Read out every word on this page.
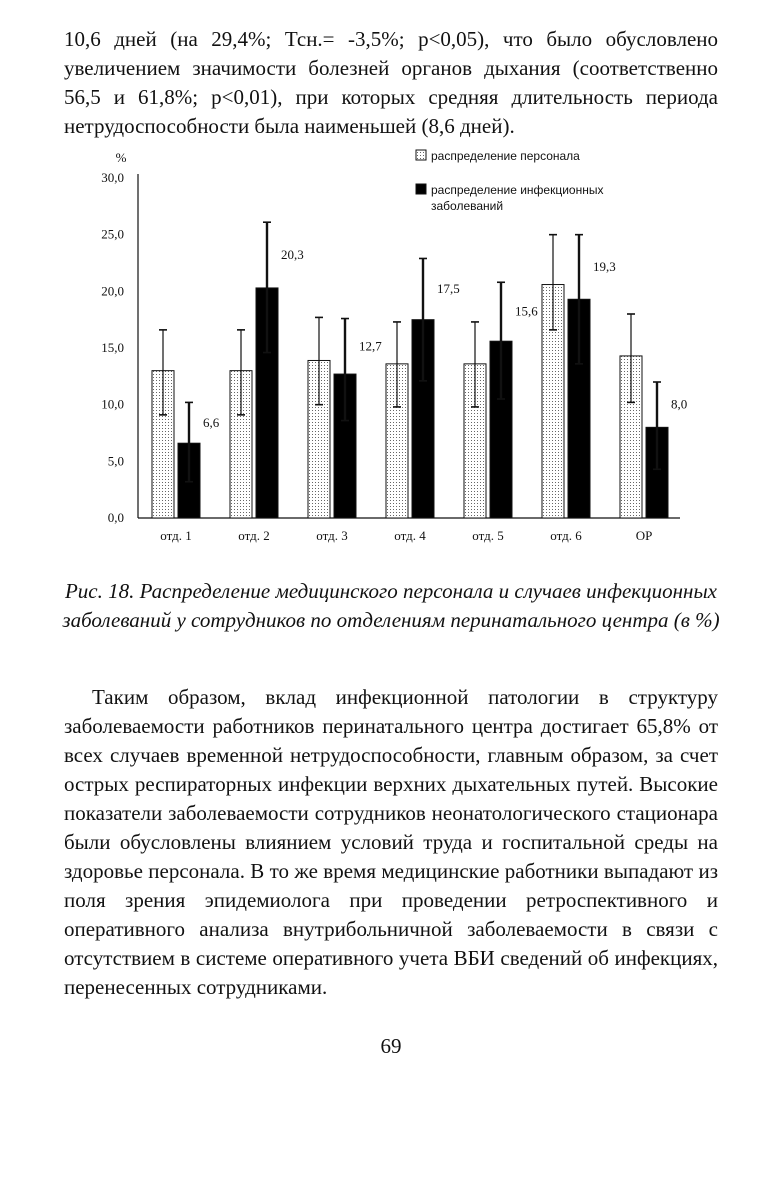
10,6 дней (на 29,4%; Тсн.= -3,5%; p<0,05), что было обусловлено увеличением значимости болезней органов дыхания (соответственно 56,5 и 61,8%; p<0,01), при которых средняя длительность периода нетрудоспособности была наименьшей (8,6 дней).

%
0,0
5,0
10,0
15,0
20,0
25,0
30,0
6,6
отд. 1
20,3
отд. 2
12,7
отд. 3
17,5
отд. 4
15,6
отд. 5
19,3
отд. 6
8,0
ОР
распределение персонала
распределение инфекционных заболеваний

Рис. 18. Распределение медицинского персонала и случаев инфекционных заболеваний у сотрудников по отделениям перинатального центра (в %)

Таким образом, вклад инфекционной патологии в структуру заболеваемости работников перинатального центра достигает 65,8% от всех случаев временной нетрудоспособности, главным образом, за счет острых респираторных инфекции верхних дыхательных путей. Высокие показатели заболеваемости сотрудников неонатологического стационара были обусловлены влиянием условий труда и госпитальной среды на здоровье персонала. В то же время медицинские работники выпадают из поля зрения эпидемиолога при проведении ретроспективного и оперативного анализа внутрибольничной заболеваемости в связи с отсутствием в системе оперативного учета ВБИ сведений об инфекциях, перенесенных сотрудниками.

69
